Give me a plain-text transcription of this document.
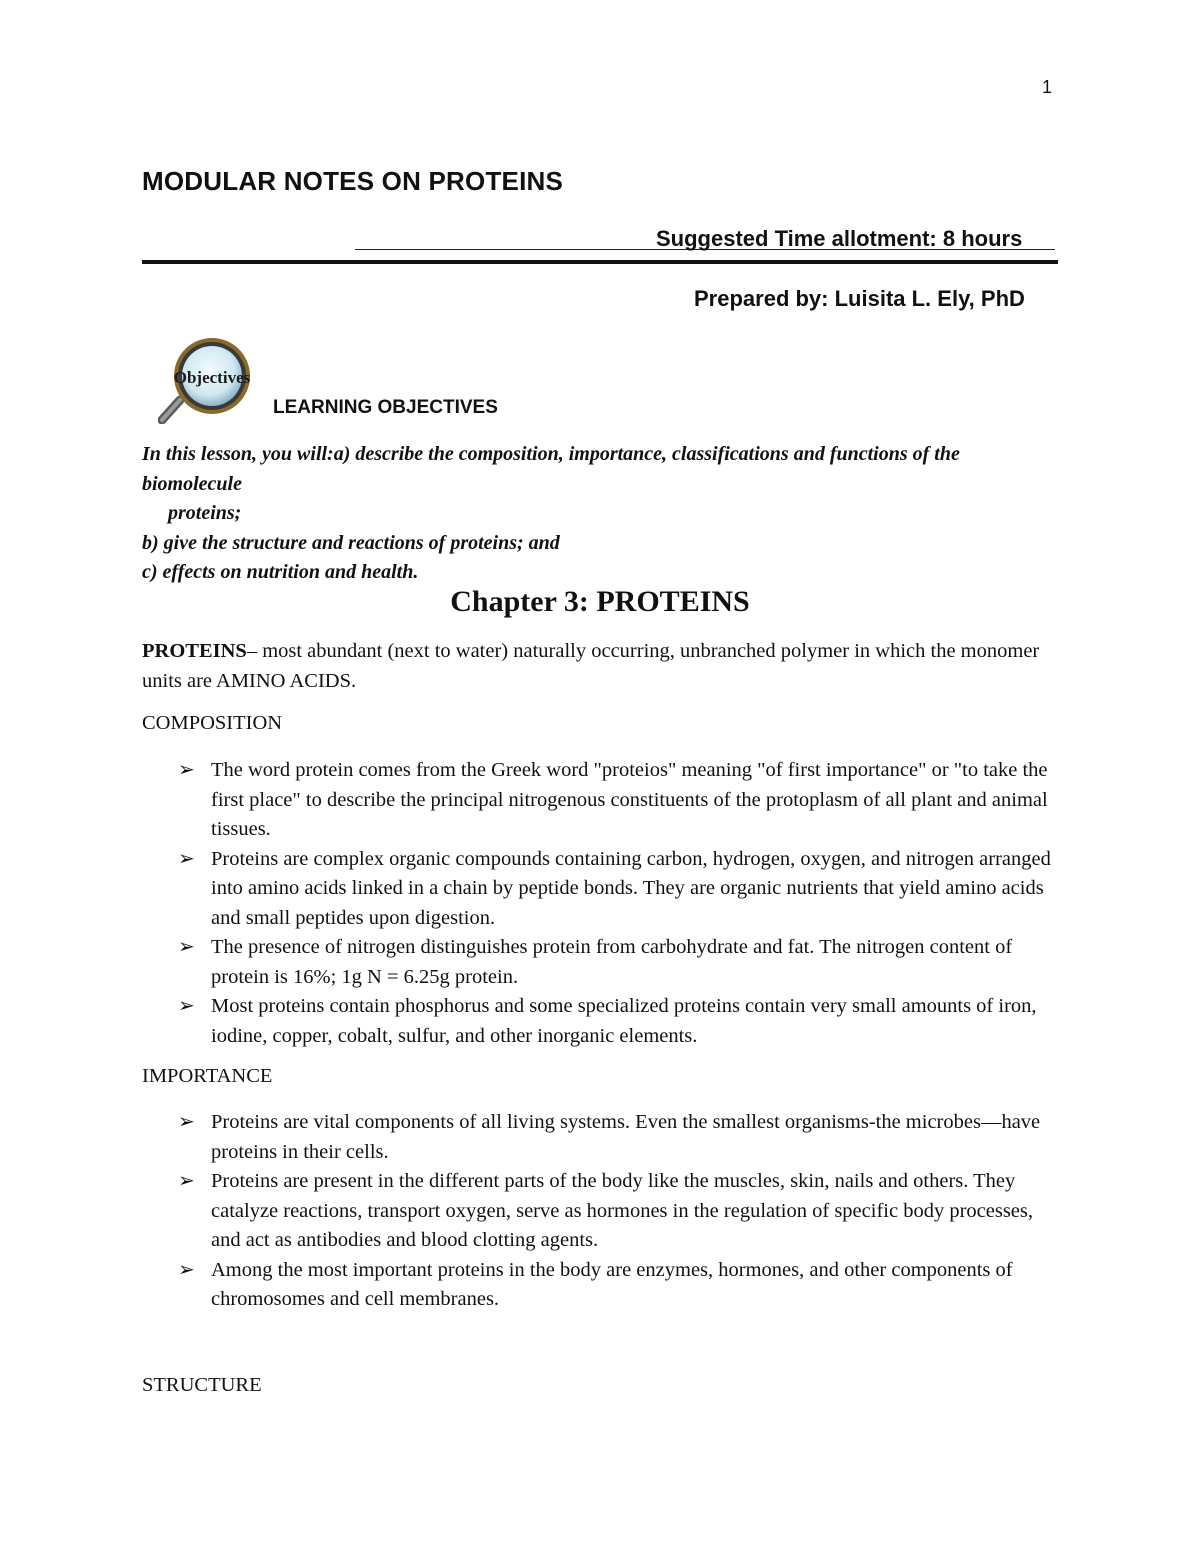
1
MODULAR NOTES ON PROTEINS
Suggested Time allotment: 8 hours
Prepared by: Luisita L. Ely, PhD
Objectives
LEARNING OBJECTIVES

In this lesson, you will:a) describe the composition, importance, classifications and functions of the biomolecule

proteins;

b) give the structure and reactions of proteins; and

c) effects on nutrition and health.

Chapter 3: PROTEINS
PROTEINS– most abundant (next to water) naturally occurring, unbranched polymer in which the monomer units are AMINO ACIDS.
COMPOSITION
➢ The word protein comes from the Greek word "proteios" meaning "of first importance" or "to take the first place" to describe the principal nitrogenous constituents of the protoplasm of all plant and animal tissues.
➢ Proteins are complex organic compounds containing carbon, hydrogen, oxygen, and nitrogen arranged into amino acids linked in a chain by peptide bonds. They are organic nutrients that yield amino acids and small peptides upon digestion.
➢ The presence of nitrogen distinguishes protein from carbohydrate and fat. The nitrogen content of protein is 16%; 1g N = 6.25g protein.
➢ Most proteins contain phosphorus and some specialized proteins contain very small amounts of iron, iodine, copper, cobalt, sulfur, and other inorganic elements.
IMPORTANCE
➢ Proteins are vital components of all living systems. Even the smallest organisms-the microbes—have proteins in their cells.
➢ Proteins are present in the different parts of the body like the muscles, skin, nails and others. They catalyze reactions, transport oxygen, serve as hormones in the regulation of specific body processes, and act as antibodies and blood clotting agents.
➢ Among the most important proteins in the body are enzymes, hormones, and other components of chromosomes and cell membranes.
STRUCTURE
